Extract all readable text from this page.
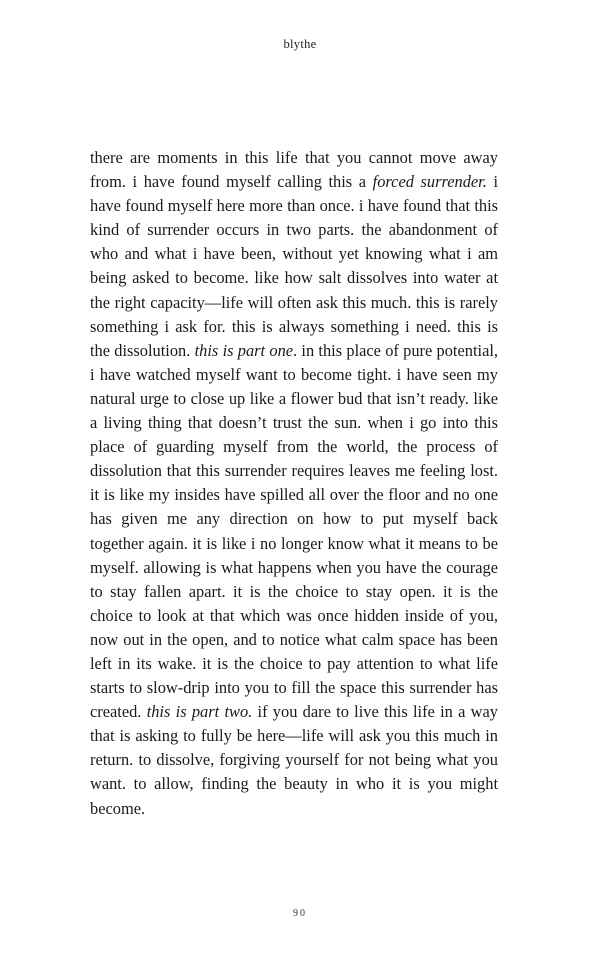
blythe

there are moments in this life that you cannot move away from. i have found myself calling this a forced surrender. i have found myself here more than once. i have found that this kind of surrender occurs in two parts. the abandonment of who and what i have been, without yet knowing what i am being asked to become. like how salt dissolves into water at the right capacity—life will often ask this much. this is rarely something i ask for. this is always something i need. this is the dissolution. this is part one. in this place of pure potential, i have watched myself want to become tight. i have seen my natural urge to close up like a flower bud that isn’t ready. like a living thing that doesn’t trust the sun. when i go into this place of guarding myself from the world, the process of dissolution that this surrender requires leaves me feeling lost. it is like my insides have spilled all over the floor and no one has given me any direction on how to put myself back together again. it is like i no longer know what it means to be myself. allowing is what happens when you have the courage to stay fallen apart. it is the choice to stay open. it is the choice to look at that which was once hidden inside of you, now out in the open, and to notice what calm space has been left in its wake. it is the choice to pay attention to what life starts to slow-drip into you to fill the space this surrender has created. this is part two. if you dare to live this life in a way that is asking to fully be here—life will ask you this much in return. to dissolve, forgiving yourself for not being what you want. to allow, finding the beauty in who it is you might become.

90
